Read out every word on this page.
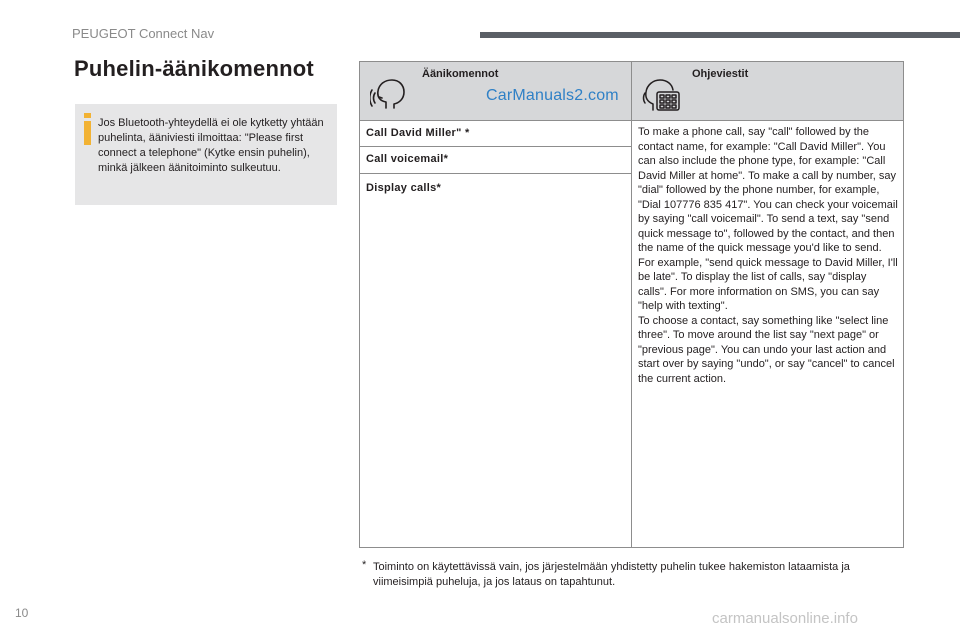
PEUGEOT Connect Nav
Puhelin-äänikomennot
Jos Bluetooth-yhteydellä ei ole kytketty yhtään puhelinta, ääniviesti ilmoittaa: "Please first connect a telephone" (Kytke ensin puhelin), minkä jälkeen äänitoiminto sulkeutuu.
Äänikomennot	Ohjeviestit
CarManuals2.com
Call David Miller" *
Call voicemail*
Display calls*
To make a phone call, say "call" followed by the contact name, for example: "Call David Miller". You can also include the phone type, for example: "Call David Miller at home". To make a call by number, say "dial" followed by the phone number, for example, "Dial 107776 835 417". You can check your voicemail by saying "call voicemail". To send a text, say "send quick message to", followed by the contact, and then the name of the quick message you'd like to send. For example, "send quick message to David Miller, I'll be late". To display the list of calls, say "display calls". For more information on SMS, you can say "help with texting".
To choose a contact, say something like "select line three". To move around the list say "next page" or "previous page". You can undo your last action and start over by saying "undo", or say "cancel" to cancel the current action.
* Toiminto on käytettävissä vain, jos järjestelmään yhdistetty puhelin tukee hakemiston lataamista ja viimeisimpiä puheluja, ja jos lataus on tapahtunut.
10	carmanualsonline.info
